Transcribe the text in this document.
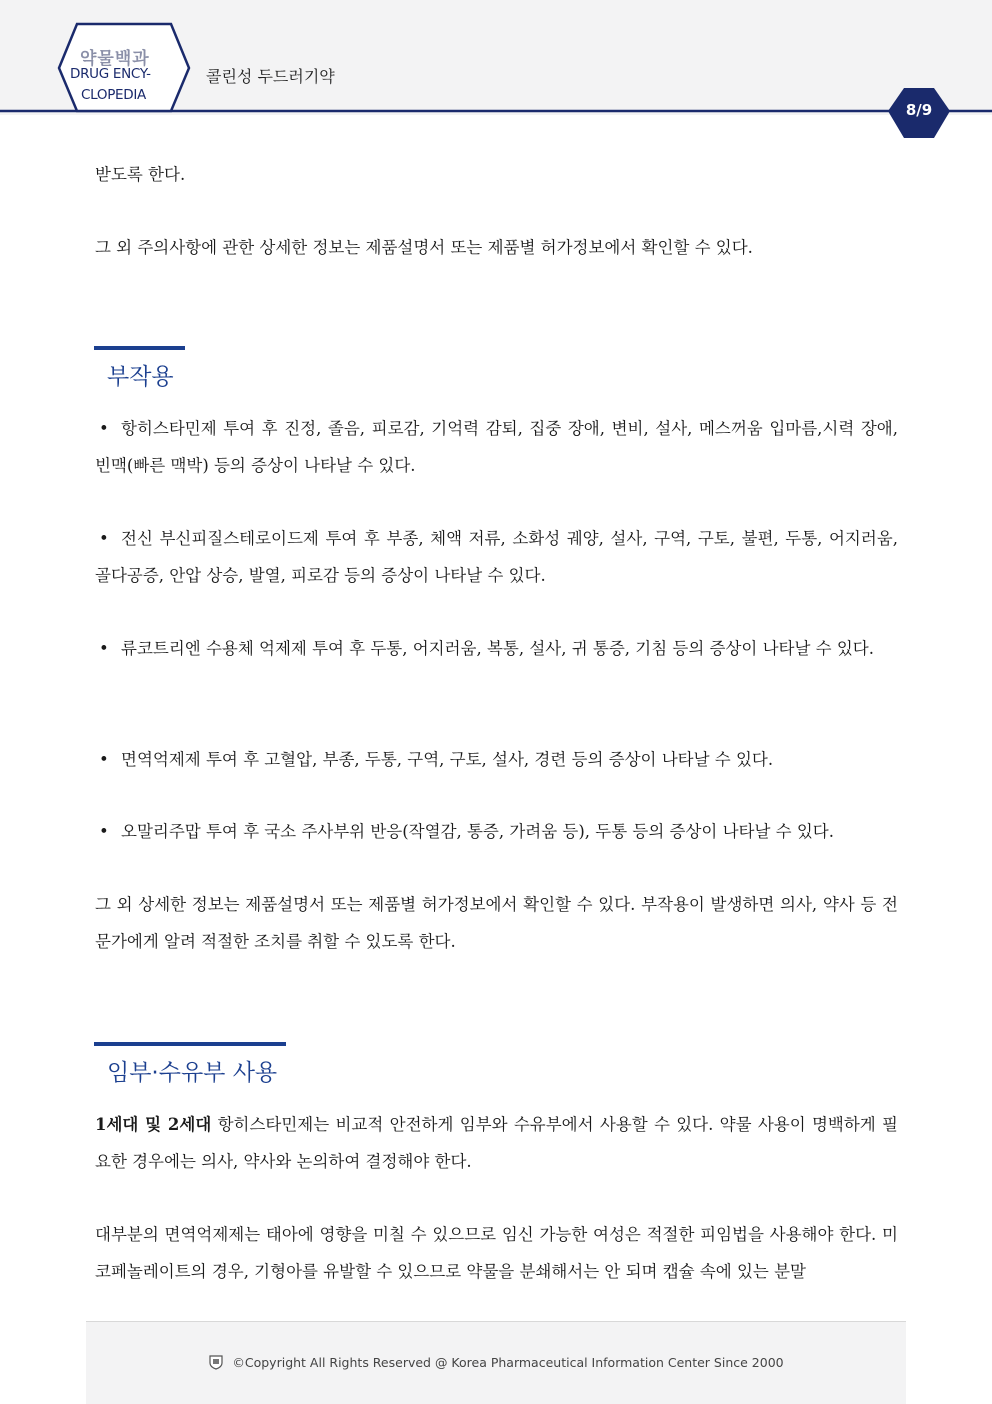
약물백과
DRUG ENCY-
CLOPEDIA
콜린성 두드러기약
8/9
받도록 한다.
그 외 주의사항에 관한 상세한 정보는 제품설명서 또는 제품별 허가정보에서 확인할 수 있다.
부작용
• 항히스타민제 투여 후 진정, 졸음, 피로감, 기억력 감퇴, 집중 장애, 변비, 설사, 메스꺼움 입마름,시력 장애, 빈맥(빠른 맥박) 등의 증상이 나타날 수 있다.
• 전신 부신피질스테로이드제 투여 후 부종, 체액 저류, 소화성 궤양, 설사, 구역, 구토, 불편, 두통, 어지러움, 골다공증, 안압 상승, 발열, 피로감 등의 증상이 나타날 수 있다.
• 류코트리엔 수용체 억제제 투여 후 두통, 어지러움, 복통, 설사, 귀 통증, 기침 등의 증상이 나타날 수 있다.
• 면역억제제 투여 후 고혈압, 부종, 두통, 구역, 구토, 설사, 경련 등의 증상이 나타날 수 있다.
• 오말리주맙 투여 후 국소 주사부위 반응(작열감, 통증, 가려움 등), 두통 등의 증상이 나타날 수 있다.
그 외 상세한 정보는 제품설명서 또는 제품별 허가정보에서 확인할 수 있다. 부작용이 발생하면 의사, 약사 등 전문가에게 알려 적절한 조치를 취할 수 있도록 한다.
임부·수유부 사용
1세대 및 2세대 항히스타민제는 비교적 안전하게 임부와 수유부에서 사용할 수 있다. 약물 사용이 명백하게 필요한 경우에는 의사, 약사와 논의하여 결정해야 한다.
대부분의 면역억제제는 태아에 영향을 미칠 수 있으므로 임신 가능한 여성은 적절한 피임법을 사용해야 한다. 미코페놀레이트의 경우, 기형아를 유발할 수 있으므로 약물을 분쇄해서는 안 되며 캡슐 속에 있는 분말
©Copyright All Rights Reserved @ Korea Pharmaceutical Information Center Since 2000
